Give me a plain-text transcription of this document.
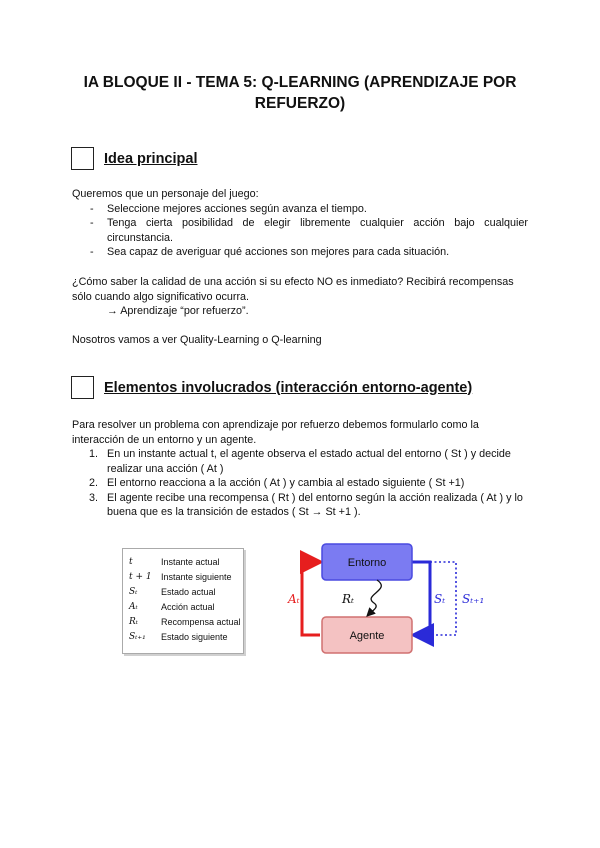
IA BLOQUE II - TEMA 5: Q-LEARNING (APRENDIZAJE POR REFUERZO)
Idea principal
Queremos que un personaje del juego:
- Seleccione mejores acciones según avanza el tiempo.
- Tenga cierta posibilidad de elegir libremente cualquier acción bajo cualquier circunstancia.
- Sea capaz de averiguar qué acciones son mejores para cada situación.
¿Cómo saber la calidad de una acción si su efecto NO es inmediato? Recibirá recompensas sólo cuando algo significativo ocurra.
→ Aprendizaje “por refuerzo”.
Nosotros vamos a ver Quality-Learning o Q-learning
Elementos involucrados (interacción entorno-agente)
Para resolver un problema con aprendizaje por refuerzo debemos formularlo como la interacción de un entorno y un agente.
1. En un instante actual t, el agente observa el estado actual del entorno ( St ) y decide realizar una acción ( At )
2. El entorno reacciona a la acción ( At ) y cambia al estado siguiente ( St +1)
3. El agente recibe una recompensa ( Rt ) del entorno según la acción realizada ( At ) y lo buena que es la transición de estados ( St → St +1 ).
t	Instante actual
t + 1	Instante siguiente
Sₜ	Estado actual
Aₜ	Acción actual
Rₜ	Recompensa actual
Sₜ₊₁	Estado siguiente
Entorno
Agente
Aₜ	Rₜ	Sₜ Sₜ₊₁
